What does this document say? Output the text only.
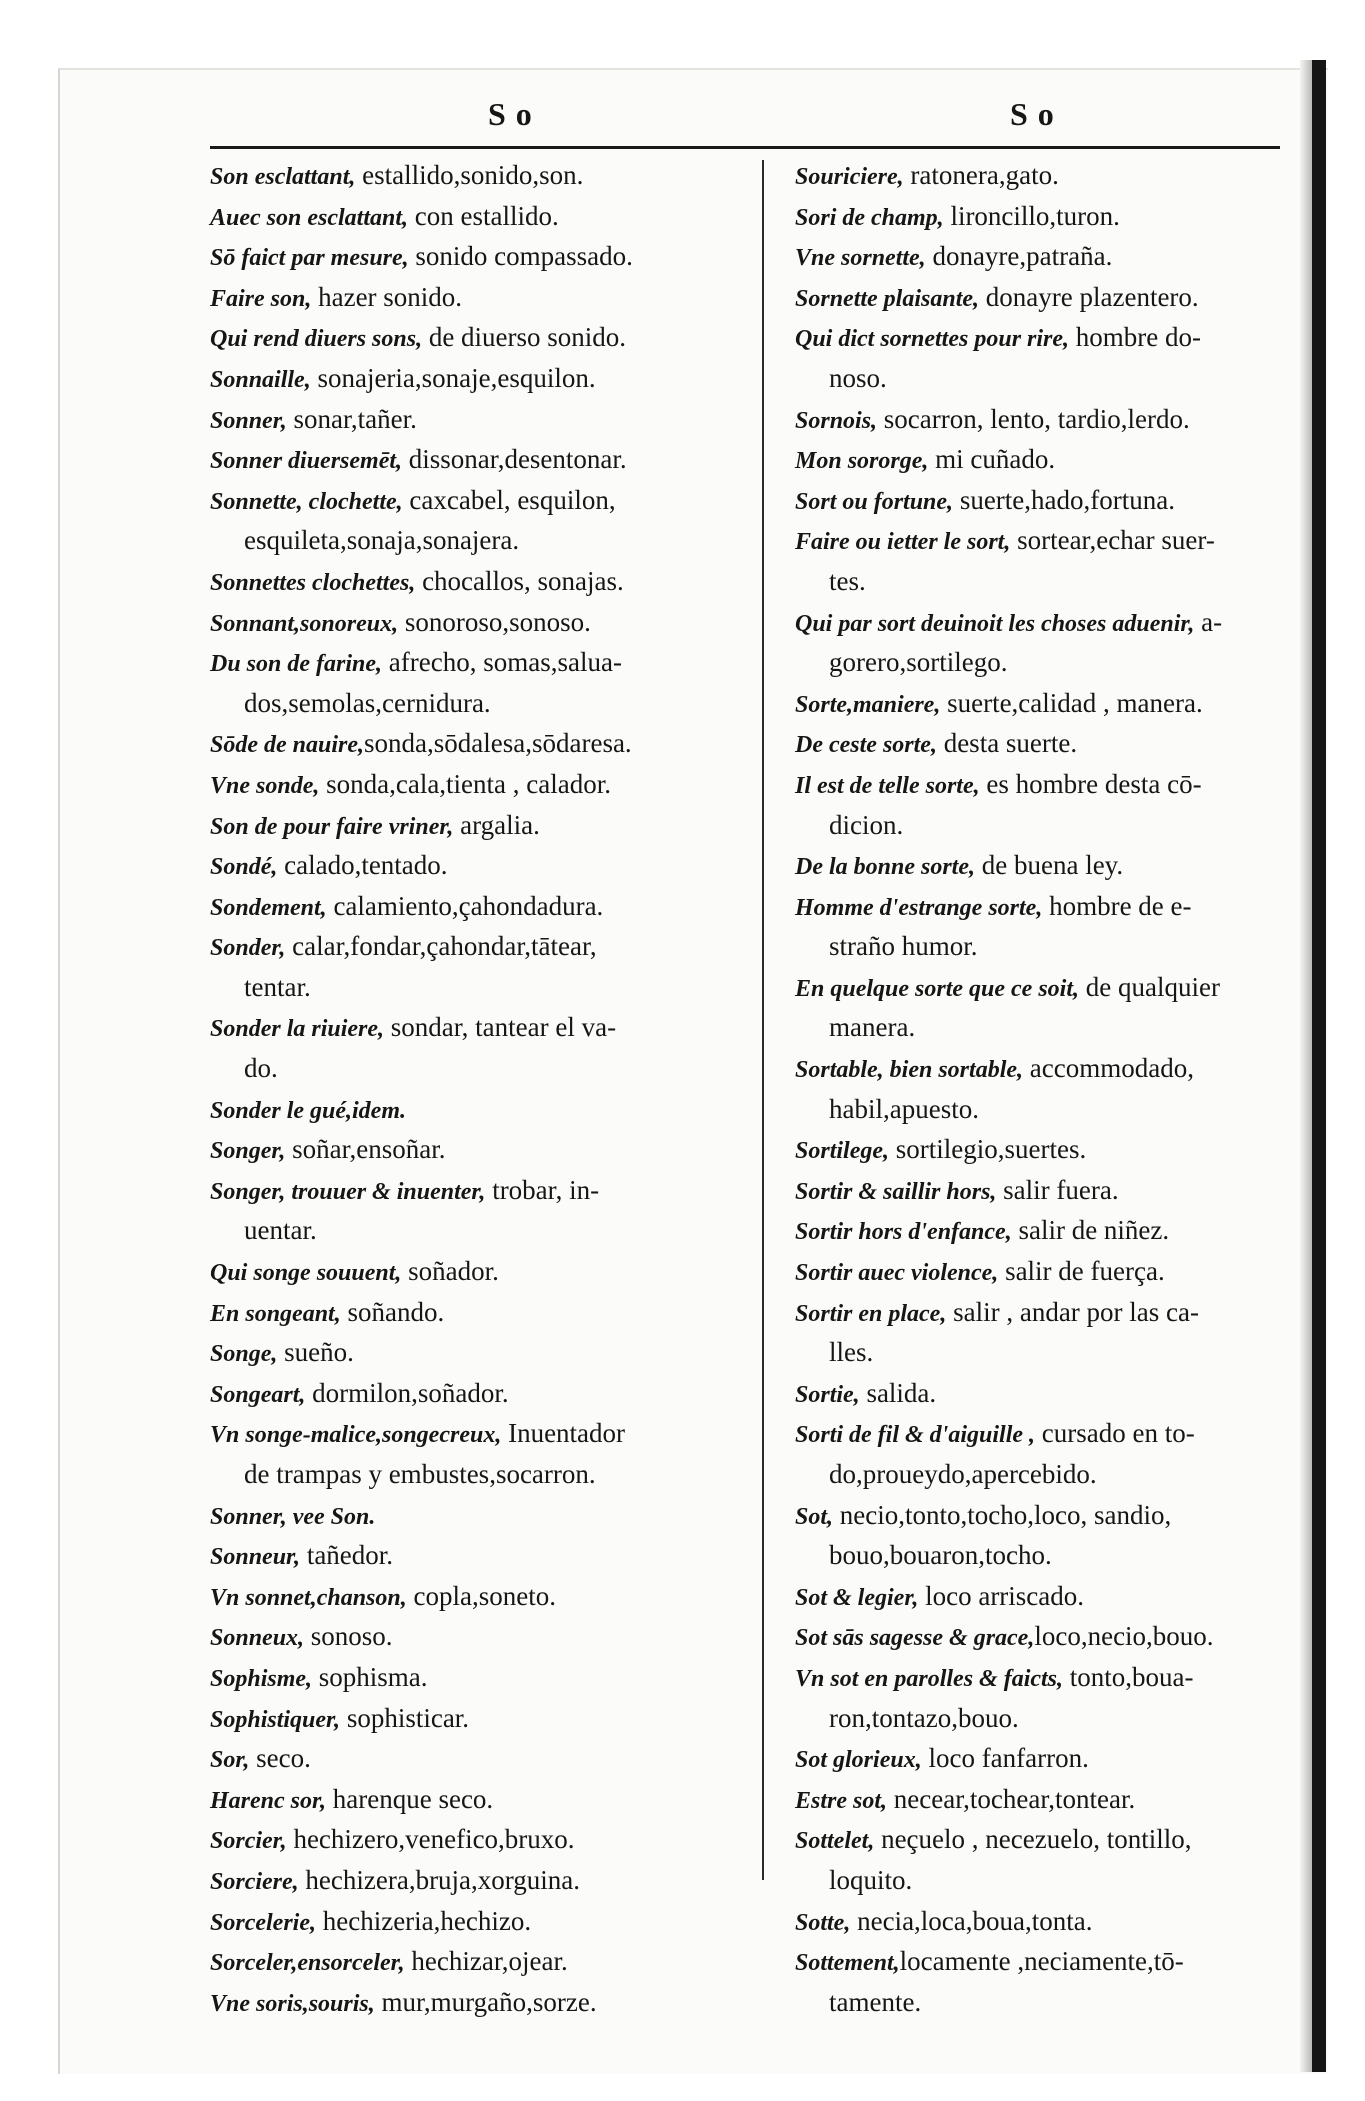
So	So
Son esclattant, estallido,sonido,son.
Auec son esclattant, con estallido.
Sō faict par mesure, sonido compassado.
Faire son, hazer sonido.
Qui rend diuers sons, de diuerso sonido.
Sonnaille, sonajeria,sonaje,esquilon.
Sonner, sonar,tañer.
Sonner diuersemēt, dissonar,desentonar.
Sonnette, clochette, caxcabel, esquilon,
esquileta,sonaja,sonajera.
Sonnettes clochettes, chocallos, sonajas.
Sonnant,sonoreux, sonoroso,sonoso.
Du son de farine, afrecho, somas,saluа-
dos,semolas,cernidura.
Sōde de nauire,sonda,sōdalesa,sōdaresa.
Vne sonde, sonda,cala,tienta , calador.
Son de pour faire vriner, argalia.
Sondé, calado,tentado.
Sondement, calamiento,çahondadura.
Sonder, calar,fondar,çahondar,tātear,
tentar.
Sonder la riuiere, sondar, tantear el va-
do.
Sonder le gué,idem.
Songer, soñar,ensoñar.
Songer, trouuer & inuenter, trobar, in-
uentar.
Qui songe souuent, soñador.
En songeant, soñando.
Songe, sueño.
Songeart, dormilon,soñador.
Vn songe-malice,songecreux, Inuentador
de trampas y embustes,socarron.
Sonner, vee Son.
Sonneur, tañedor.
Vn sonnet,chanson, copla,soneto.
Sonneux, sonoso.
Sophisme, sophisma.
Sophistiquer, sophisticar.
Sor, seco.
Harenc sor, harenque seco.
Sorcier, hechizero,venefico,bruxo.
Sorciere, hechizera,bruja,xorguina.
Sorcelerie, hechizeria,hechizo.
Sorceler,ensorceler, hechizar,ojear.
Vne soris,souris, mur,murgaño,sorze.
Souriciere, ratonera,gato.
Sori de champ, lironcillo,turon.
Vne sornette, donayre,patraña.
Sornette plaisante, donayre plazentero.
Qui dict sornettes pour rire, hombre do-
noso.
Sornois, socarron, lento, tardio,lerdo.
Mon sororge, mi cuñado.
Sort ou fortune, suerte,hado,fortuna.
Faire ou ietter le sort, sortear,echar suer-
tes.
Qui par sort deuinoit les choses aduenir, a-
gorero,sortilego.
Sorte,maniere, suerte,calidad , manera.
De ceste sorte, desta suerte.
Il est de telle sorte, es hombre desta cō-
dicion.
De la bonne sorte, de buena ley.
Homme d'estrange sorte, hombre de e-
straño humor.
En quelque sorte que ce soit, de qualquier
manera.
Sortable, bien sortable, accommodado,
habil,apuesto.
Sortilege, sortilegio,suertes.
Sortir & saillir hors, salir fuera.
Sortir hors d'enfance, salir de niñez.
Sortir auec violence, salir de fuerça.
Sortir en place, salir , andar por las ca-
lles.
Sortie, salida.
Sorti de fil & d'aiguille , cursado en to-
do,proueydo,apercebido.
Sot, necio,tonto,tocho,loco, sandio,
bouo,bouaron,tocho.
Sot & legier, loco arriscado.
Sot sās sagesse & grace,loco,necio,bouo.
Vn sot en parolles & faicts, tonto,boua-
ron,tontazo,bouo.
Sot glorieux, loco fanfarron.
Estre sot, necear,tochear,tontear.
Sottelet, neçuelo , necezuelo, tontillo,
loquito.
Sotte, necia,loca,boua,tonta.
Sottement,locamente ,neciamente,tō-
tamente.
